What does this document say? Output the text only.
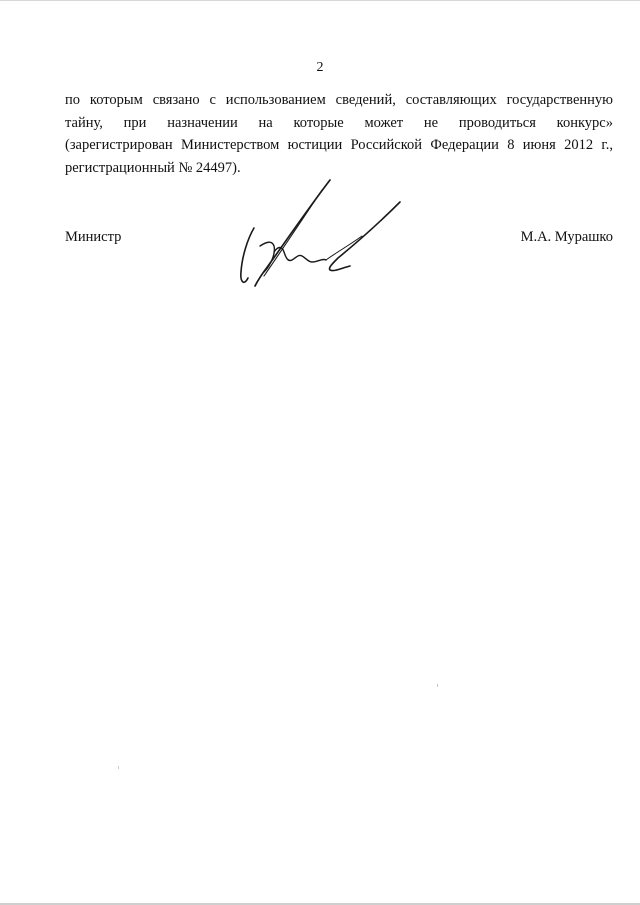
2
по которым связано с использованием сведений, составляющих государственную
тайну, при назначении на которые может не проводиться конкурс»
(зарегистрирован Министерством юстиции Российской Федерации 8 июня 2012 г.,
регистрационный № 24497).
Министр	М.А. Мурашко
